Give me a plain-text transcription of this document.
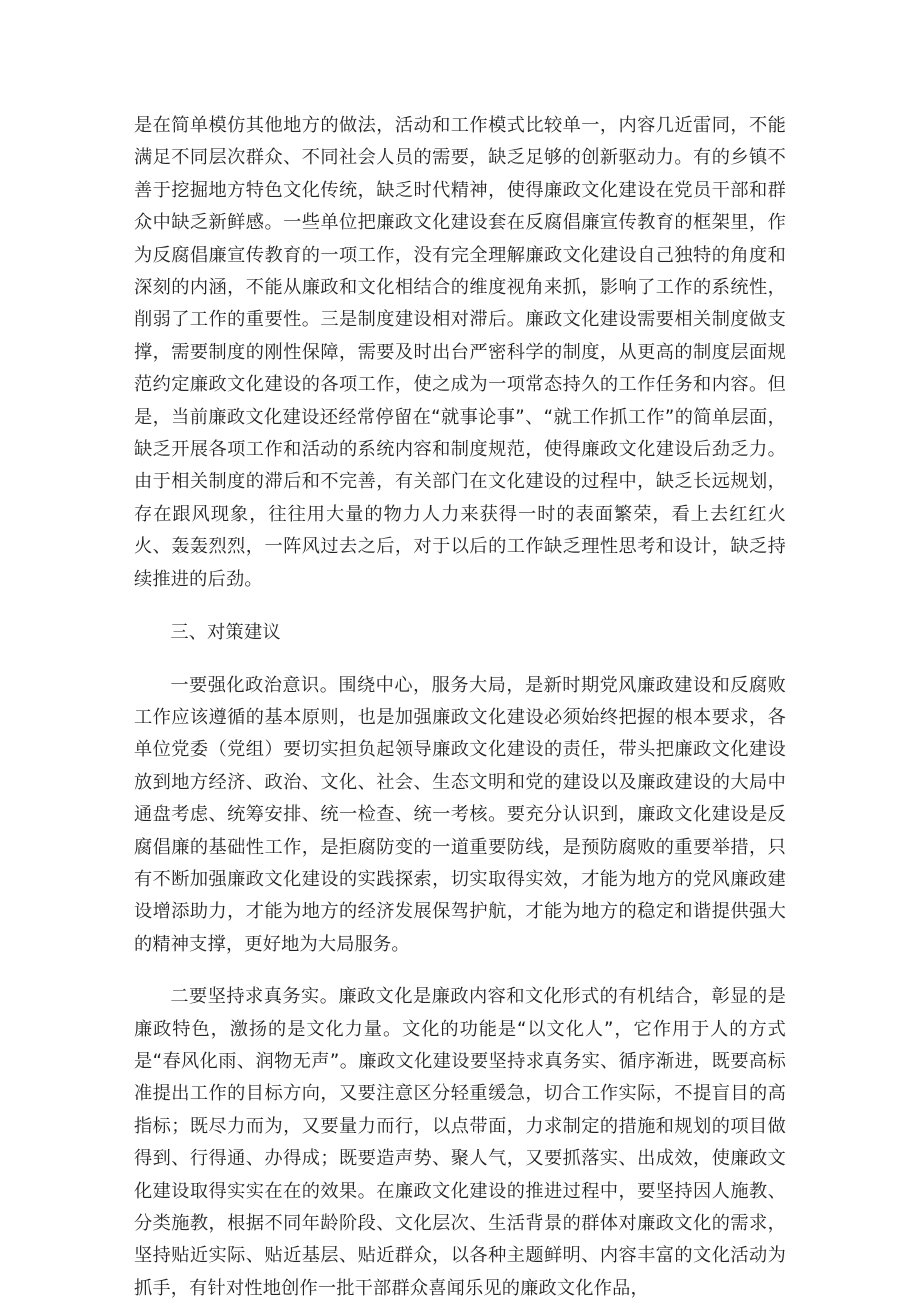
是在简单模仿其他地方的做法，活动和工作模式比较单一，内容几近雷同，不能满足不同层次群众、不同社会人员的需要，缺乏足够的创新驱动力。有的乡镇不善于挖掘地方特色文化传统，缺乏时代精神，使得廉政文化建设在党员干部和群众中缺乏新鲜感。一些单位把廉政文化建设套在反腐倡廉宣传教育的框架里，作为反腐倡廉宣传教育的一项工作，没有完全理解廉政文化建设自己独特的角度和深刻的内涵，不能从廉政和文化相结合的维度视角来抓，影响了工作的系统性，削弱了工作的重要性。三是制度建设相对滞后。廉政文化建设需要相关制度做支撑，需要制度的刚性保障，需要及时出台严密科学的制度，从更高的制度层面规范约定廉政文化建设的各项工作，使之成为一项常态持久的工作任务和内容。但是，当前廉政文化建设还经常停留在“就事论事”、“就工作抓工作”的简单层面，缺乏开展各项工作和活动的系统内容和制度规范，使得廉政文化建设后劲乏力。由于相关制度的滞后和不完善，有关部门在文化建设的过程中，缺乏长远规划，存在跟风现象，往往用大量的物力人力来获得一时的表面繁荣，看上去红红火火、轰轰烈烈，一阵风过去之后，对于以后的工作缺乏理性思考和设计，缺乏持续推进的后劲。

三、对策建议

一要强化政治意识。围绕中心，服务大局，是新时期党风廉政建设和反腐败工作应该遵循的基本原则，也是加强廉政文化建设必须始终把握的根本要求，各单位党委（党组）要切实担负起领导廉政文化建设的责任，带头把廉政文化建设放到地方经济、政治、文化、社会、生态文明和党的建设以及廉政建设的大局中通盘考虑、统筹安排、统一检查、统一考核。要充分认识到，廉政文化建设是反腐倡廉的基础性工作，是拒腐防变的一道重要防线，是预防腐败的重要举措，只有不断加强廉政文化建设的实践探索，切实取得实效，才能为地方的党风廉政建设增添助力，才能为地方的经济发展保驾护航，才能为地方的稳定和谐提供强大的精神支撑，更好地为大局服务。

二要坚持求真务实。廉政文化是廉政内容和文化形式的有机结合，彰显的是廉政特色，激扬的是文化力量。文化的功能是“以文化人”，它作用于人的方式是“春风化雨、润物无声”。廉政文化建设要坚持求真务实、循序渐进，既要高标准提出工作的目标方向，又要注意区分轻重缓急，切合工作实际，不提盲目的高指标；既尽力而为，又要量力而行，以点带面，力求制定的措施和规划的项目做得到、行得通、办得成；既要造声势、聚人气，又要抓落实、出成效，使廉政文化建设取得实实在在的效果。在廉政文化建设的推进过程中，要坚持因人施教、分类施教，根据不同年龄阶段、文化层次、生活背景的群体对廉政文化的需求，坚持贴近实际、贴近基层、贴近群众，以各种主题鲜明、内容丰富的文化活动为抓手，有针对性地创作一批干部群众喜闻乐见的廉政文化作品，
